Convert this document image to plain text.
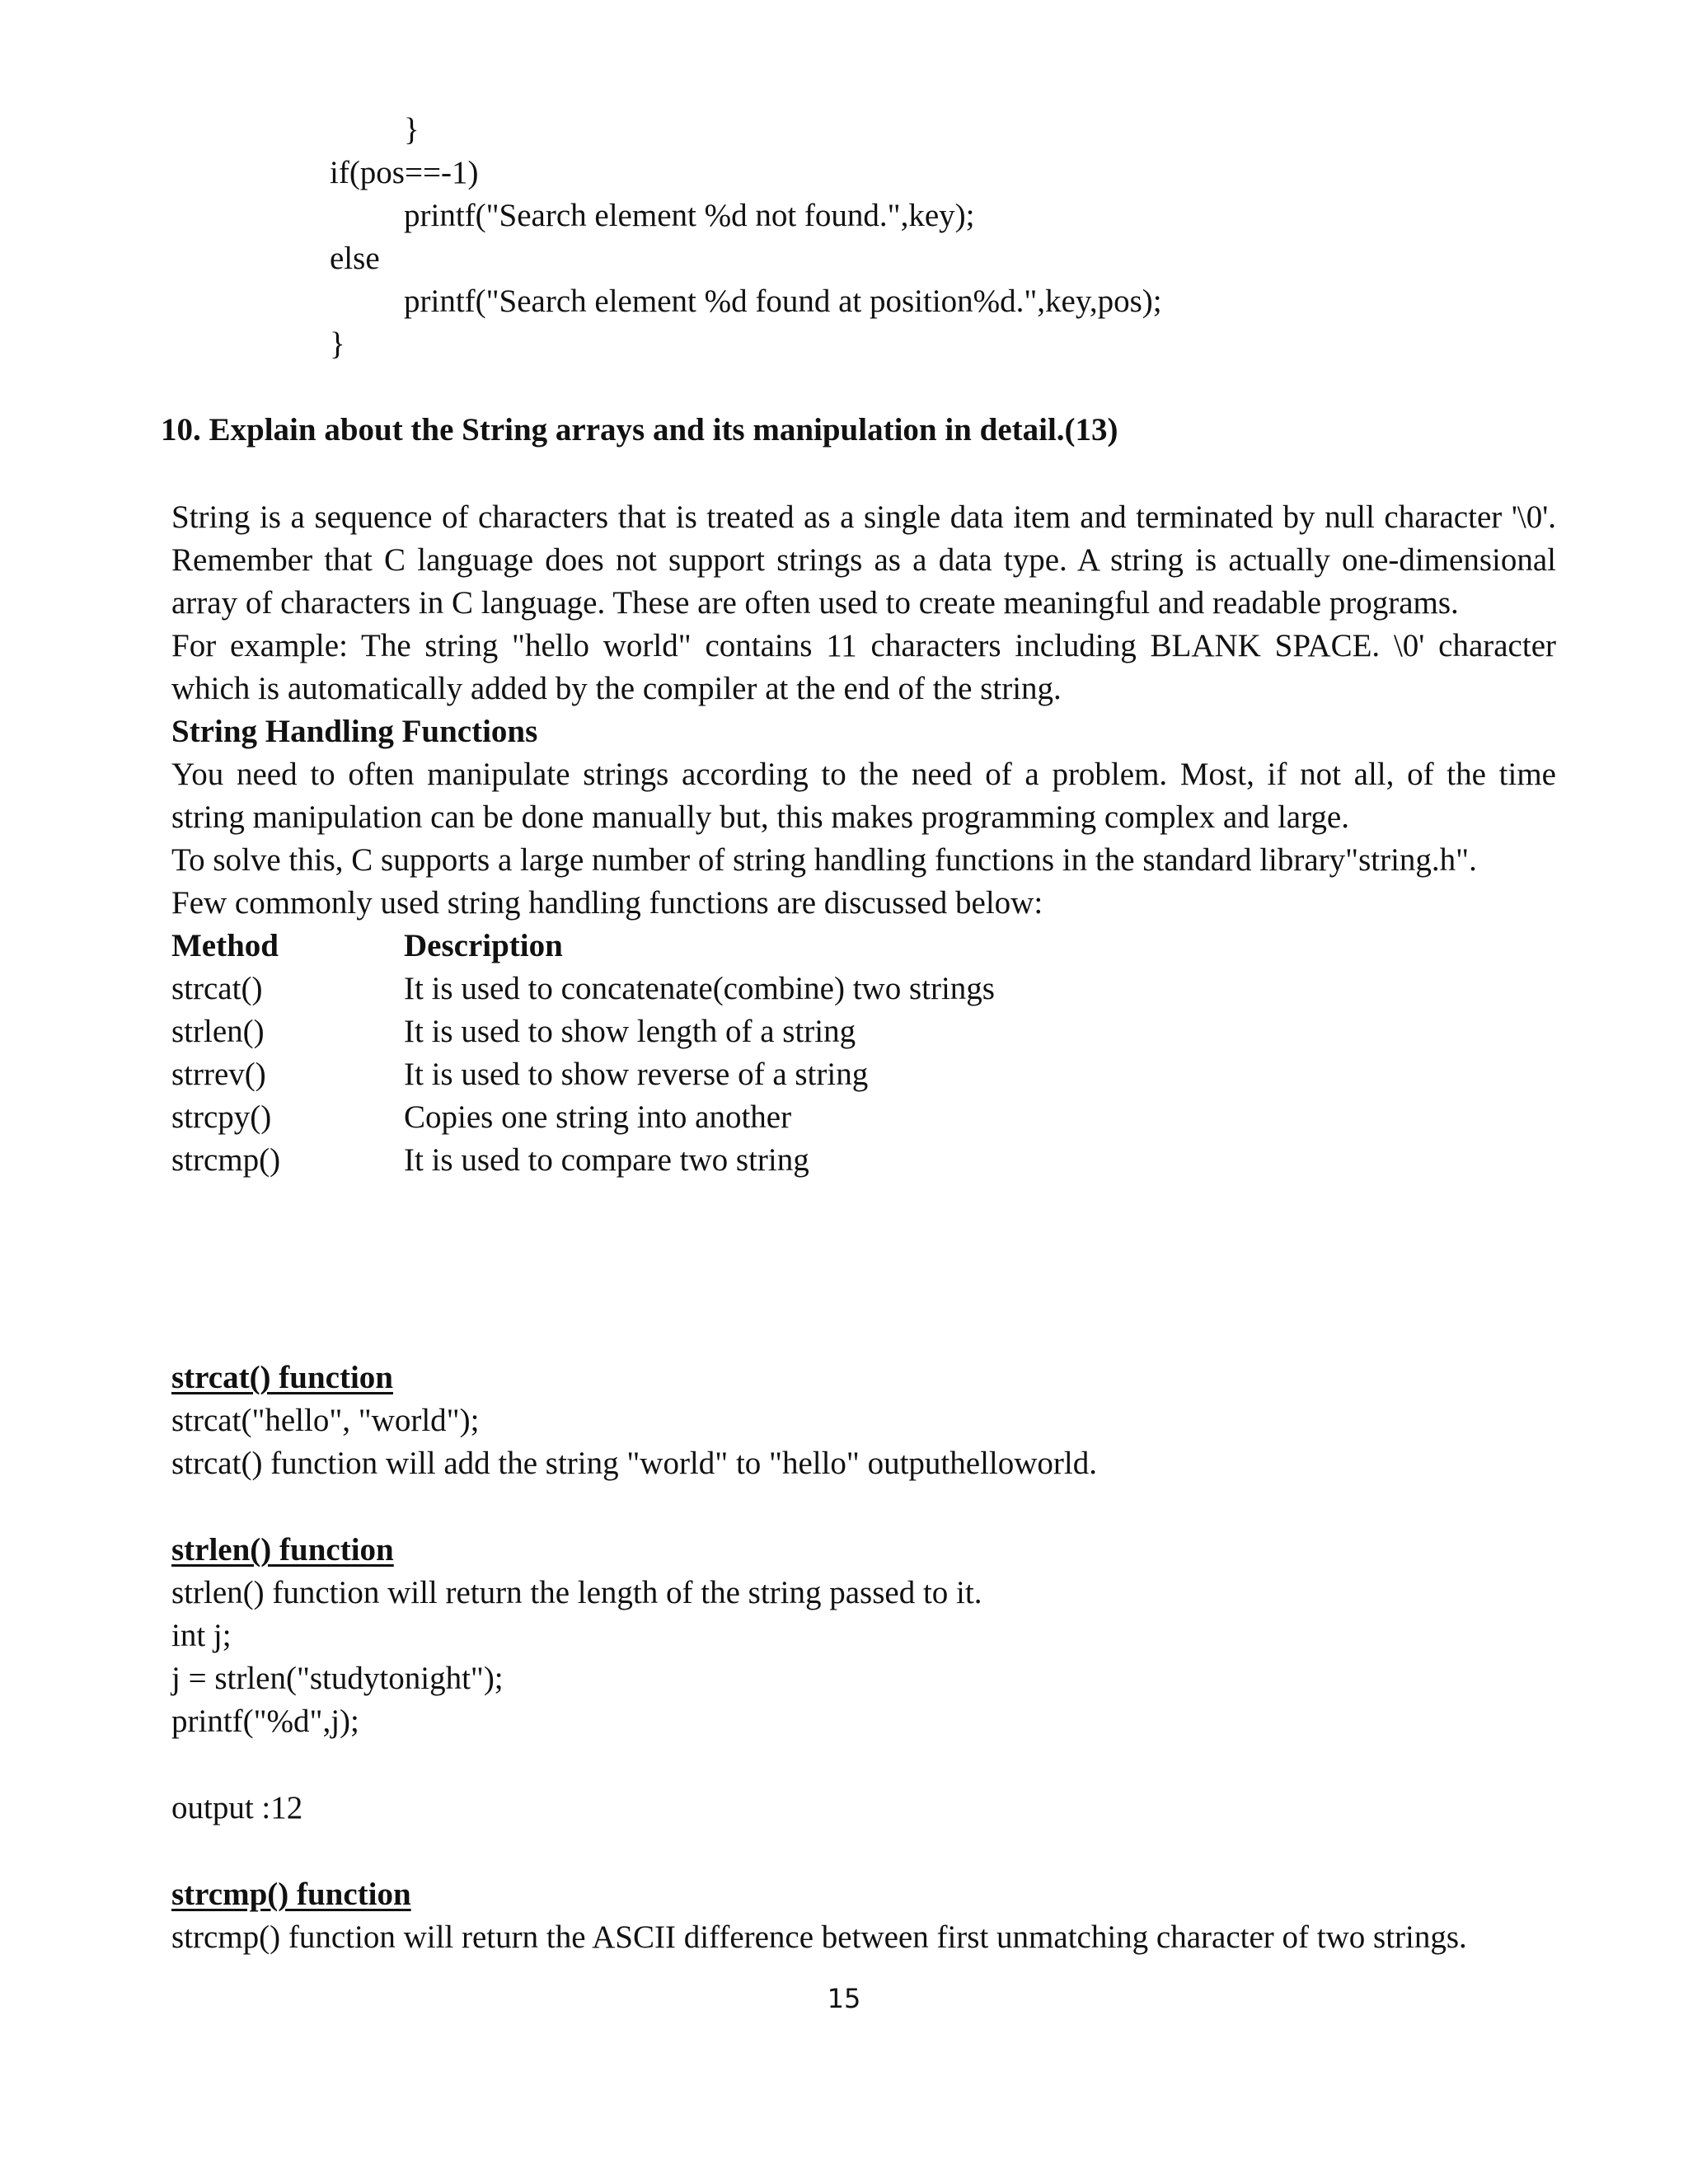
}
if(pos==-1)
printf("Search element %d not found.",key);
else
printf("Search element %d found at position%d.",key,pos);
}
10. Explain about the String arrays and its manipulation in detail.(13)
String is a sequence of characters that is treated as a single data item and terminated by null character '\0'.
Remember that C language does not support strings as a data type. A string is actually one-dimensional
array of characters in C language. These are often used to create meaningful and readable programs.
For example: The string "hello world" contains 11 characters including BLANK SPACE. \0' character
which is automatically added by the compiler at the end of the string.
String Handling Functions
You need to often manipulate strings according to the need of a problem. Most, if not all, of the time
string manipulation can be done manually but, this makes programming complex and large.
To solve this, C supports a large number of string handling functions in the standard library"string.h".
Few commonly used string handling functions are discussed below:
Method	Description
strcat()	It is used to concatenate(combine) two strings
strlen()	It is used to show length of a string
strrev()	It is used to show reverse of a string
strcpy()	Copies one string into another
strcmp()	It is used to compare two string
strcat() function
strcat("hello", "world");
strcat() function will add the string "world" to "hello" outputhelloworld.
strlen() function
strlen() function will return the length of the string passed to it.
int j;
j = strlen("studytonight");
printf("%d",j);
output :12
strcmp() function
strcmp() function will return the ASCII difference between first unmatching character of two strings.
15
